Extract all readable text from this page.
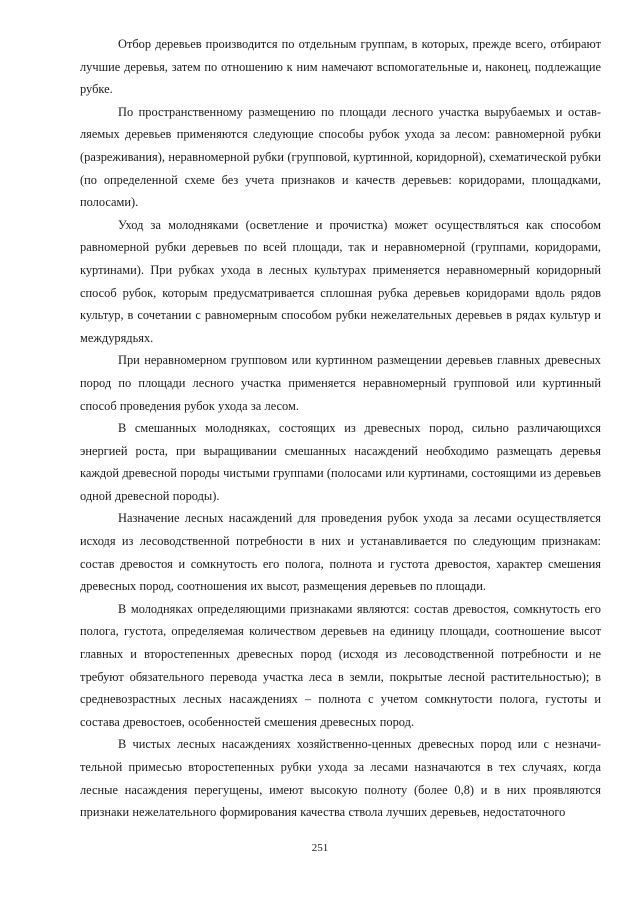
Отбор деревьев производится по отдельным группам, в которых, прежде всего, отбирают лучшие деревья, затем по отношению к ним намечают вспомогательные и, наконец, подлежащие рубке.

По пространственному размещению по площади лесного участка вырубаемых и оставляемых деревьев применяются следующие способы рубок ухода за лесом: равномерной рубки (разреживания), неравномерной рубки (групповой, куртинной, коридорной), схематической рубки (по определенной схеме без учета признаков и качеств деревьев: коридорами, площадками, полосами).

Уход за молодняками (осветление и прочистка) может осуществляться как способом равномерной рубки деревьев по всей площади, так и неравномерной (группами, коридорами, куртинами). При рубках ухода в лесных культурах применяется неравномерный коридорный способ рубок, которым предусматривается сплошная рубка деревьев коридорами вдоль рядов культур, в сочетании с равномерным способом рубки нежелательных деревьев в рядах культур и междурядьях.

При неравномерном групповом или куртинном размещении деревьев главных древесных пород по площади лесного участка применяется неравномерный групповой или куртинный способ проведения рубок ухода за лесом.

В смешанных молодняках, состоящих из древесных пород, сильно различающихся энергией роста, при выращивании смешанных насаждений необходимо размещать деревья каждой древесной породы чистыми группами (полосами или куртинами, состоящими из деревьев одной древесной породы).

Назначение лесных насаждений для проведения рубок ухода за лесами осуществляется исходя из лесоводственной потребности в них и устанавливается по следующим признакам: состав древостоя и сомкнутость его полога, полнота и густота древостоя, характер смешения древесных пород, соотношения их высот, размещения деревьев по площади.

В молодняках определяющими признаками являются: состав древостоя, сомкнутость его полога, густота, определяемая количеством деревьев на единицу площади, соотношение высот главных и второстепенных древесных пород (исходя из лесоводственной потребности и не требуют обязательного перевода участка леса в земли, покрытые лесной растительностью); в средневозрастных лесных насаждениях – полнота с учетом сомкнутости полога, густоты и состава древостоев, особенностей смешения древесных пород.

В чистых лесных насаждениях хозяйственно-ценных древесных пород или с незначительной примесью второстепенных рубки ухода за лесами назначаются в тех случаях, когда лесные насаждения перегущены, имеют высокую полноту (более 0,8) и в них проявляются признаки нежелательного формирования качества ствола лучших деревьев, недостаточного

251
